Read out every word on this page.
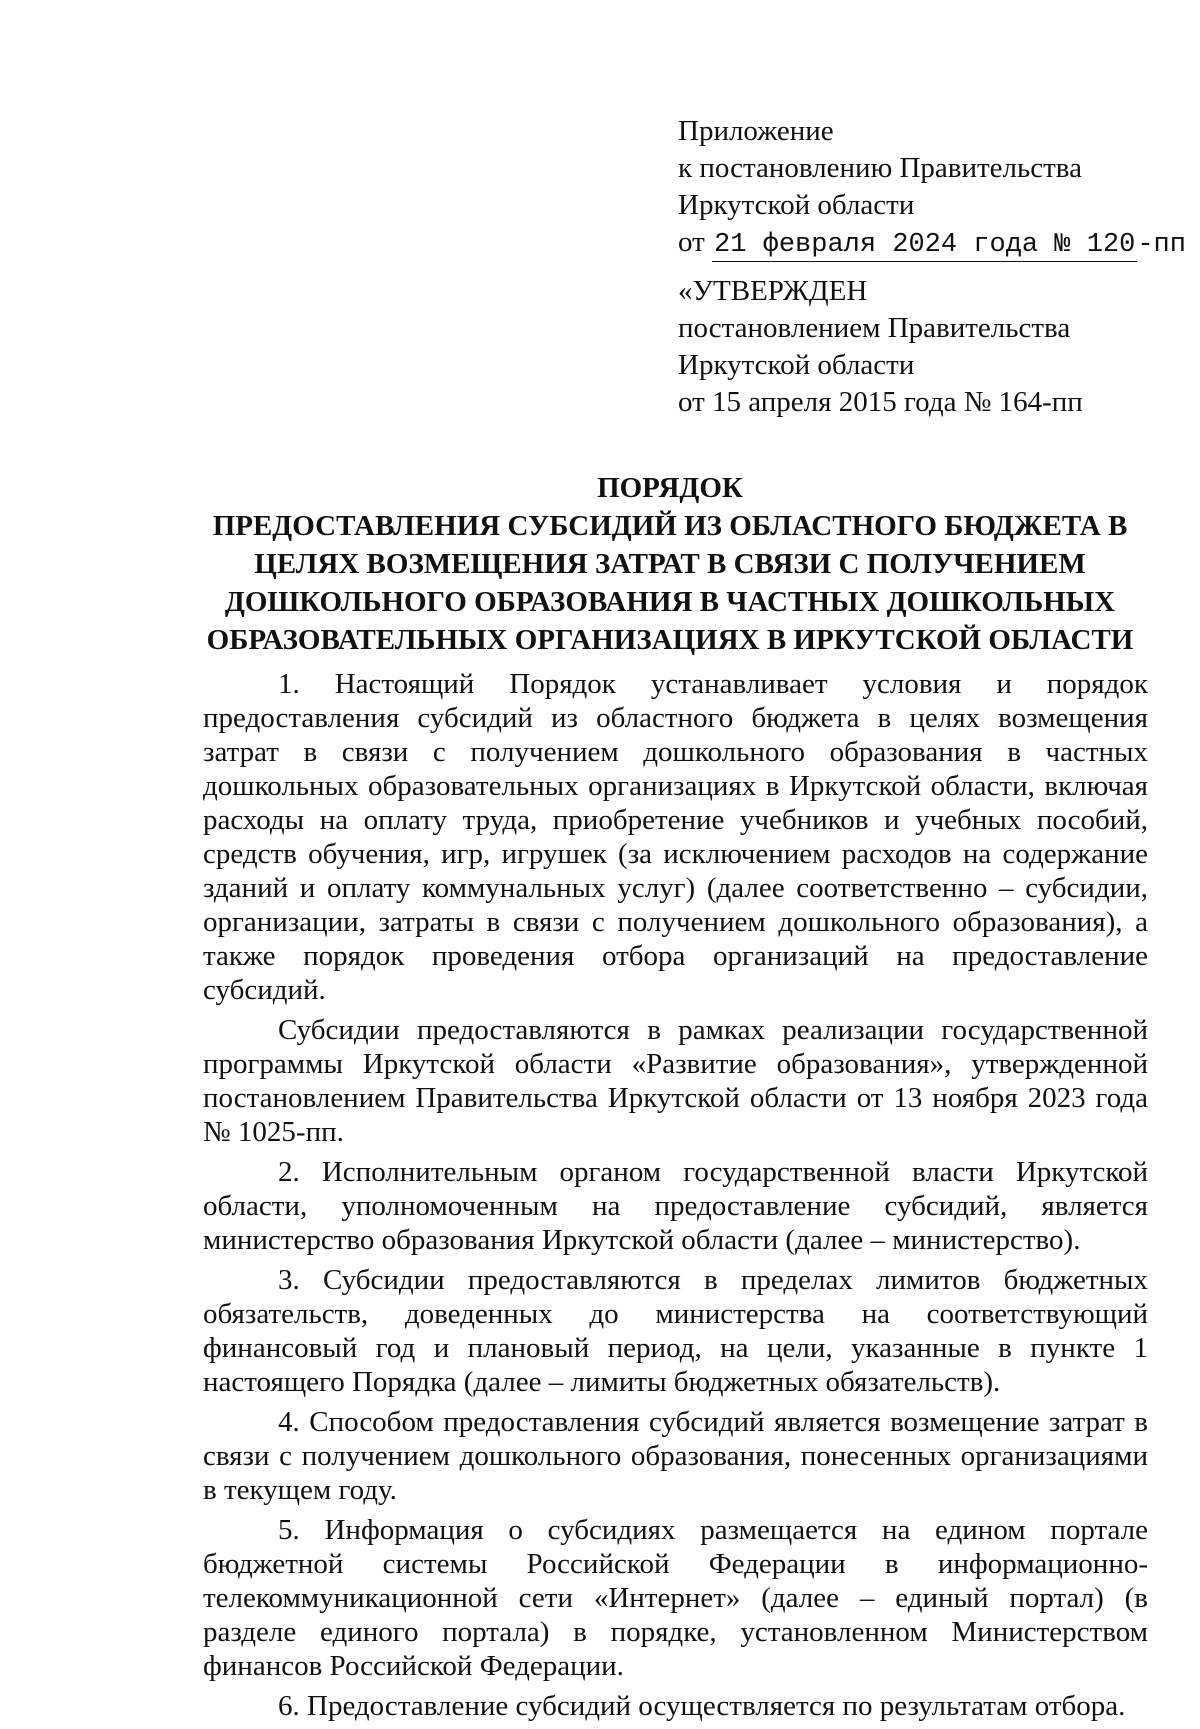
Приложение
к постановлению Правительства
Иркутской области
от 21 февраля 2024 года № 120-пп
«УТВЕРЖДЕН
постановлением Правительства
Иркутской области
от 15 апреля 2015 года № 164-пп
ПОРЯДОК
ПРЕДОСТАВЛЕНИЯ СУБСИДИЙ ИЗ ОБЛАСТНОГО БЮДЖЕТА В
ЦЕЛЯХ ВОЗМЕЩЕНИЯ ЗАТРАТ В СВЯЗИ С ПОЛУЧЕНИЕМ
ДОШКОЛЬНОГО ОБРАЗОВАНИЯ В ЧАСТНЫХ ДОШКОЛЬНЫХ
ОБРАЗОВАТЕЛЬНЫХ ОРГАНИЗАЦИЯХ В ИРКУТСКОЙ ОБЛАСТИ

1. Настоящий Порядок устанавливает условия и порядок предоставления субсидий из областного бюджета в целях возмещения затрат в связи с получением дошкольного образования в частных дошкольных образовательных организациях в Иркутской области, включая расходы на оплату труда, приобретение учебников и учебных пособий, средств обучения, игр, игрушек (за исключением расходов на содержание зданий и оплату коммунальных услуг) (далее соответственно – субсидии, организации, затраты в связи с получением дошкольного образования), а также порядок проведения отбора организаций на предоставление субсидий.

Субсидии предоставляются в рамках реализации государственной программы Иркутской области «Развитие образования», утвержденной постановлением Правительства Иркутской области от 13 ноября 2023 года № 1025-пп.

2. Исполнительным органом государственной власти Иркутской области, уполномоченным на предоставление субсидий, является министерство образования Иркутской области (далее – министерство).

3. Субсидии предоставляются в пределах лимитов бюджетных обязательств, доведенных до министерства на соответствующий финансовый год и плановый период, на цели, указанные в пункте 1 настоящего Порядка (далее – лимиты бюджетных обязательств).

4. Способом предоставления субсидий является возмещение затрат в связи с получением дошкольного образования, понесенных организациями в текущем году.

5. Информация о субсидиях размещается на едином портале бюджетной системы Российской Федерации в информационно-телекоммуникационной сети «Интернет» (далее – единый портал) (в разделе единого портала) в порядке, установленном Министерством финансов Российской Федерации.

6. Предоставление субсидий осуществляется по результатам отбора.
